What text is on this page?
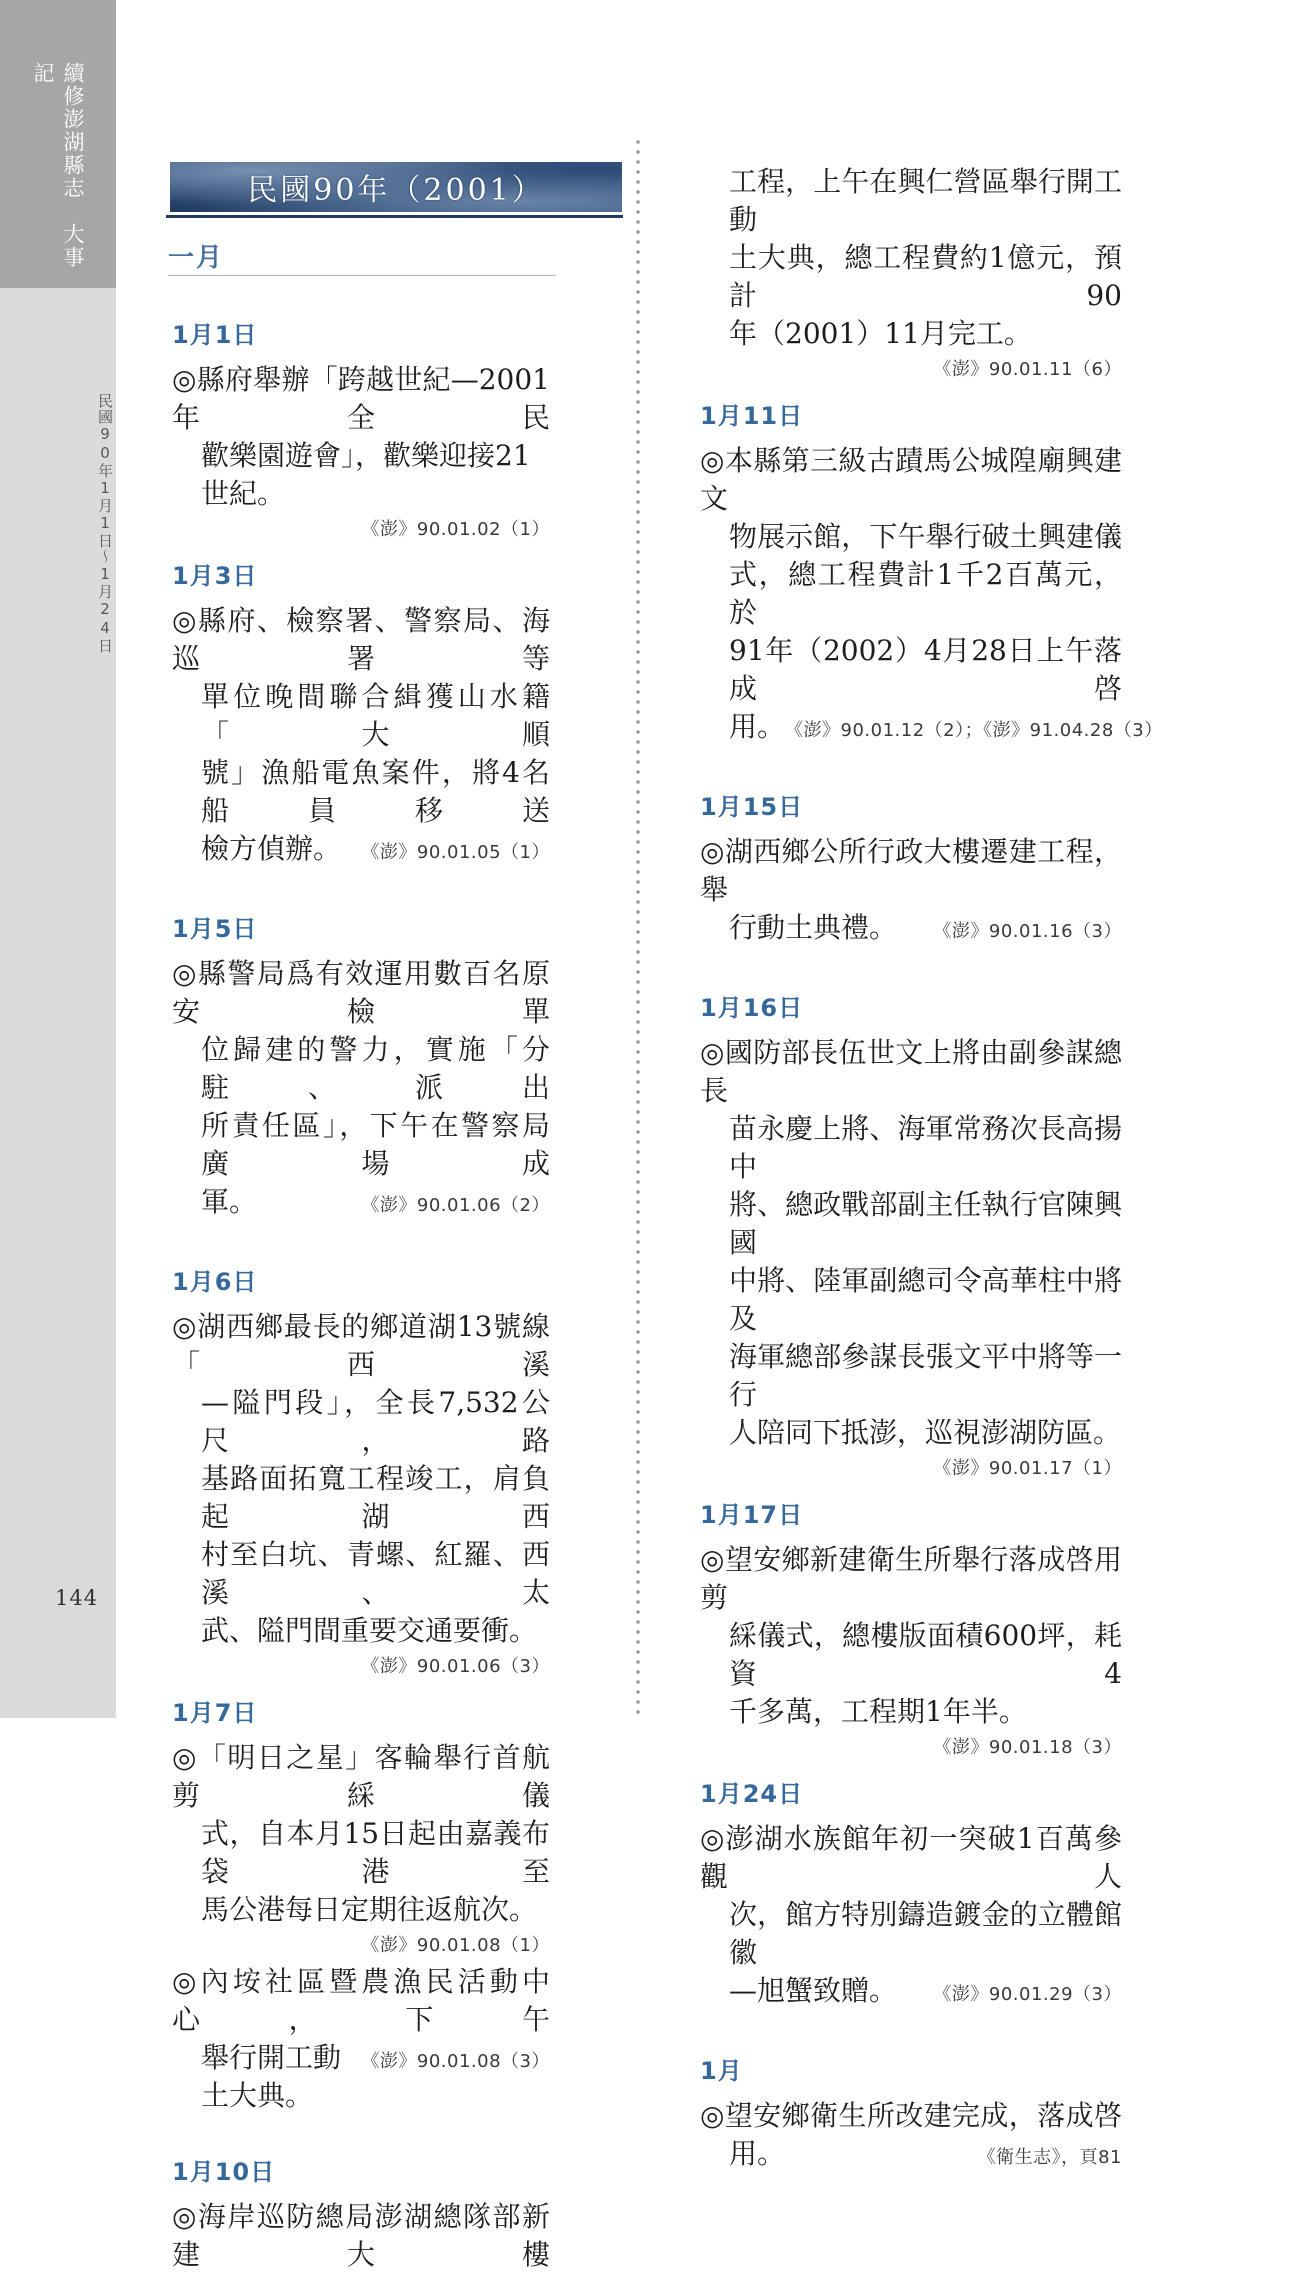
續修澎湖縣志　大事記
民國90年1月1日〜1月24日
144
民國90年（2001）
一月
1月1日
◎縣府舉辦「跨越世紀—2001年全民
歡樂園遊會」，歡樂迎接21世紀。
《澎》90.01.02（1）
1月3日
◎縣府、檢察署、警察局、海巡署等
單位晚間聯合緝獲山水籍「大順
號」漁船電魚案件，將4名船員移送
檢方偵辦。 《澎》90.01.05（1）
1月5日
◎縣警局爲有效運用數百名原安檢單
位歸建的警力，實施「分駐、派出
所責任區」，下午在警察局廣場成
軍。	《澎》90.01.06（2）
1月6日
◎湖西鄉最長的鄉道湖13號線「西溪
—隘門段」，全長7,532公尺，路
基路面拓寬工程竣工，肩負起湖西
村至白坑、青螺、紅羅、西溪、太
武、隘門間重要交通要衝。
《澎》90.01.06（3）
1月7日
◎「明日之星」客輪舉行首航剪綵儀
式，自本月15日起由嘉義布袋港至
馬公港每日定期往返航次。
《澎》90.01.08（1）
◎內垵社區暨農漁民活動中心，下午
舉行開工動土大典。
《澎》90.01.08（3）
1月10日
◎海岸巡防總局澎湖總隊部新建大樓
工程，上午在興仁營區舉行開工動
土大典，總工程費約1億元，預計90
年（2001）11月完工。
《澎》90.01.11（6）
1月11日
◎本縣第三級古蹟馬公城隍廟興建文
物展示館，下午舉行破土興建儀
式，總工程費計1千2百萬元，於
91年（2002）4月28日上午落成啓
用。 《澎》90.01.12（2）；《澎》91.04.28（3）
1月15日
◎湖西鄉公所行政大樓遷建工程，舉
行動土典禮。 《澎》90.01.16（3）
1月16日
◎國防部長伍世文上將由副參謀總長
苗永慶上將、海軍常務次長高揚中
將、總政戰部副主任執行官陳興國
中將、陸軍副總司令高華柱中將及
海軍總部參謀長張文平中將等一行
人陪同下抵澎，巡視澎湖防區。
《澎》90.01.17（1）
1月17日
◎望安鄉新建衛生所舉行落成啓用剪
綵儀式，總樓版面積600坪，耗資4
千多萬，工程期1年半。
《澎》90.01.18（3）
1月24日
◎澎湖水族館年初一突破1百萬參觀人
次，館方特別鑄造鍍金的立體館徽
—旭蟹致贈。 《澎》90.01.29（3）
1月
◎望安鄉衛生所改建完成，落成啓
用。	《衛生志》，頁81
